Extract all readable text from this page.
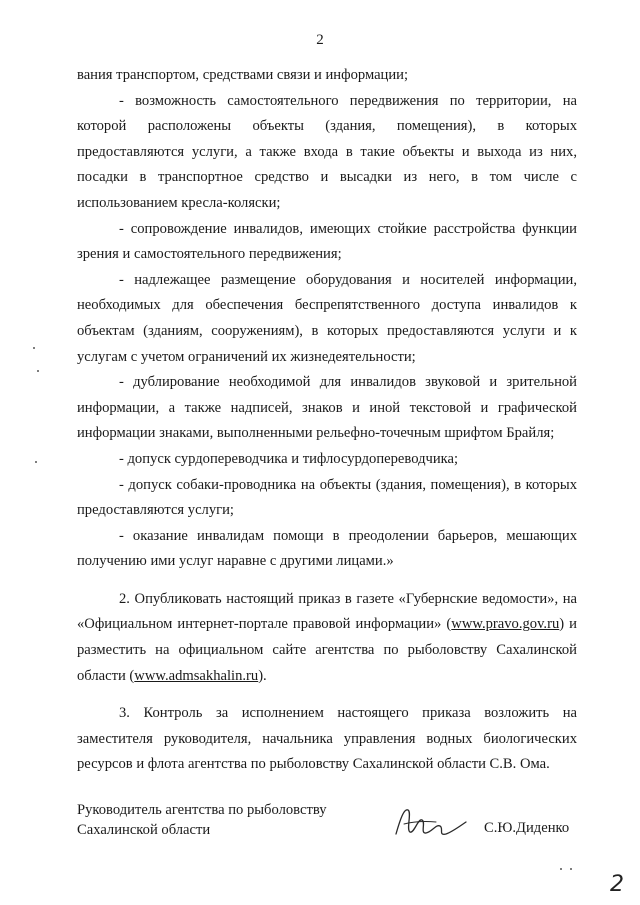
2

вания транспортом, средствами связи и информации;

- возможность самостоятельного передвижения по территории, на которой расположены объекты (здания, помещения), в которых предоставляются услуги, а также входа в такие объекты и выхода из них, посадки в транспортное средство и высадки из него, в том числе с использованием кресла-коляски;

- сопровождение инвалидов, имеющих стойкие расстройства функции зрения и самостоятельного передвижения;

- надлежащее размещение оборудования и носителей информации, необходимых для обеспечения беспрепятственного доступа инвалидов к объектам (зданиям, сооружениям), в которых предоставляются услуги и к услугам с учетом ограничений их жизнедеятельности;

- дублирование необходимой для инвалидов звуковой и зрительной информации, а также надписей, знаков и иной текстовой и графической информации знаками, выполненными рельефно-точечным шрифтом Брайля;

- допуск сурдопереводчика и тифлосурдопереводчика;

- допуск собаки-проводника на объекты (здания, помещения), в которых предоставляются услуги;

- оказание инвалидам помощи в преодолении барьеров, мешающих получению ими услуг наравне с другими лицами.»

2. Опубликовать настоящий приказ в газете «Губернские ведомости», на «Официальном интернет-портале правовой информации» (www.pravo.gov.ru) и разместить на официальном сайте агентства по рыболовству Сахалинской области (www.admsakhalin.ru).

3. Контроль за исполнением настоящего приказа возложить на заместителя руководителя, начальника управления водных биологических ресурсов и флота агентства по рыболовству Сахалинской области С.В. Ома.

Руководитель агентства по рыболовству
Сахалинской области	С.Ю.Диденко
2
